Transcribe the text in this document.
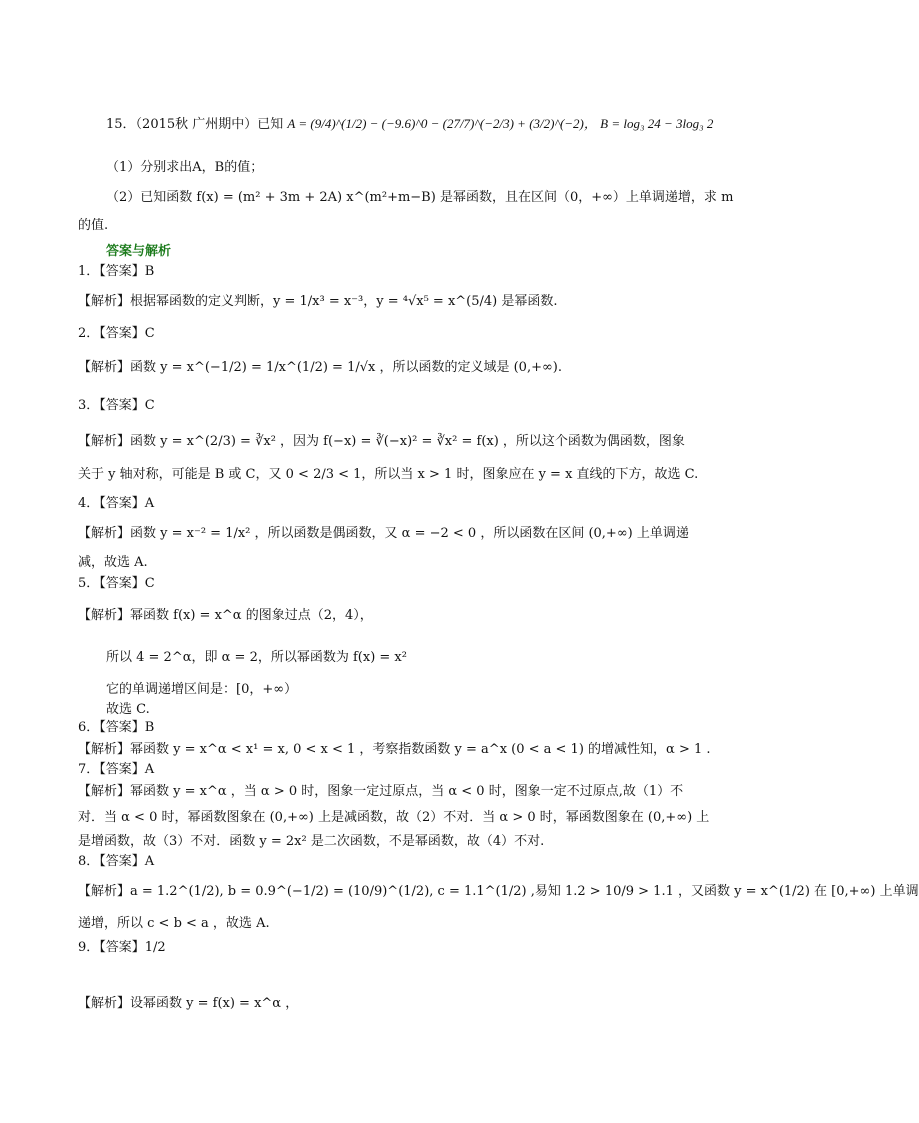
15．（2015秋 广州期中）已知 A = (9/4)^(1/2) − (−9.6)^0 − (27/7)^(−2/3) + (3/2)^(−2)， B = log₃ 24 − 3log₃ 2
（1）分别求出A，B的值；
（2）已知函数 f(x) = (m² + 3m + 2A) x^(m²+m−B) 是幂函数，且在区间（0，+∞）上单调递增，求 m
的值.
答案与解析
1．【答案】B
【解析】根据幂函数的定义判断，y = 1/x³ = x⁻³，y = ⁴√x⁵ = x^(5/4) 是幂函数.
2．【答案】C
【解析】函数 y = x^(−1/2) = 1/x^(1/2) = 1/√x ，所以函数的定义域是 (0,+∞).
3．【答案】C
【解析】函数 y = x^(2/3) = ∛x² ，因为 f(−x) = ∛(−x)² = ∛x² = f(x) ，所以这个函数为偶函数，图象
关于 y 轴对称，可能是 B 或 C，又 0 < 2/3 < 1，所以当 x > 1 时，图象应在 y = x 直线的下方，故选 C.
4．【答案】A
【解析】函数 y = x⁻² = 1/x² ，所以函数是偶函数，又 α = −2 < 0 ，所以函数在区间 (0,+∞) 上单调递
减，故选 A.
5．【答案】C
【解析】幂函数 f(x) = x^α 的图象过点（2，4），
所以 4 = 2^α，即 α = 2，所以幂函数为 f(x) = x²
它的单调递增区间是：[0，+∞）
故选 C.
6．【答案】B
【解析】幂函数 y = x^α < x¹ = x, 0 < x < 1 ，考察指数函数 y = a^x (0 < a < 1) 的增减性知，α > 1 .
7．【答案】A
【解析】幂函数 y = x^α ，当 α > 0 时，图象一定过原点，当 α < 0 时，图象一定不过原点,故（1）不
对．当 α < 0 时，幂函数图象在 (0,+∞) 上是减函数，故（2）不对．当 α > 0 时，幂函数图象在 (0,+∞) 上
是增函数，故（3）不对．函数 y = 2x² 是二次函数，不是幂函数，故（4）不对.
8．【答案】A
【解析】a = 1.2^(1/2), b = 0.9^(−1/2) = (10/9)^(1/2), c = 1.1^(1/2) ,易知 1.2 > 10/9 > 1.1 ，又函数 y = x^(1/2) 在 [0,+∞) 上单调
递增，所以 c < b < a ，故选 A.
9．【答案】1/2
【解析】设幂函数 y = f(x) = x^α ，
